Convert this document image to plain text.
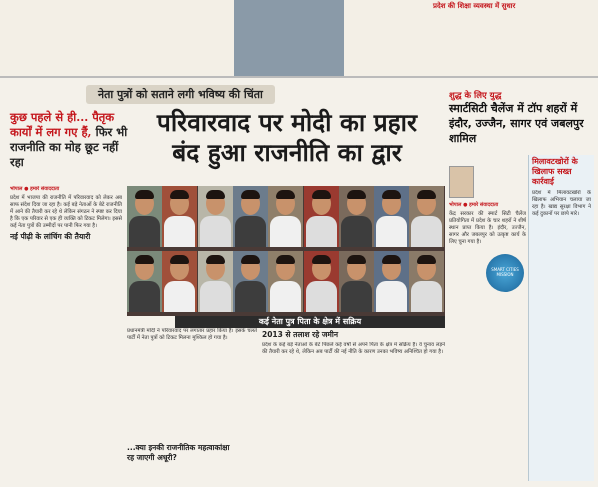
प्रदेश की शिक्षा व्यवस्था में सुधार
नेता पुत्रों को सताने लगी भविष्य की चिंता
परिवारवाद पर मोदी का प्रहार
बंद हुआ राजनीति का द्वार
कुछ पहले से ही... पैतृक कार्यों में लग गए हैं, फिर भी राजनीति का मोह छूट नहीं रहा
भोपाल ● हमारे संवाददाता
प्रदेश में भाजपा की राजनीति में परिवारवाद को लेकर अब साफ संदेश दिया जा रहा है। कई बड़े नेताओं के बेटे राजनीति में आने की तैयारी कर रहे थे लेकिन संगठन ने स्पष्ट कर दिया है कि एक परिवार से एक ही व्यक्ति को टिकट मिलेगा। इससे कई नेता पुत्रों की उम्मीदों पर पानी फिर गया है।
नई पीढ़ी के लांचिंग की तैयारी
कई नेता पुत्र पिता के क्षेत्र में सक्रिय
प्रधानमंत्री मोदी ने परिवारवाद पर लगातार प्रहार किया है। इसके चलते पार्टी में नेता पुत्रों को टिकट मिलना मुश्किल हो गया है।	2013 से तलाश रहे जमीन
प्रदेश के कई बड़े नेताओं के बेटे पिछले कई वर्षों से अपने पिता के क्षेत्र में सक्रिय हैं। वे चुनाव लड़ने की तैयारी कर रहे थे, लेकिन अब पार्टी की नई नीति के कारण उनका भविष्य अनिश्चित हो गया है।
...क्या इनकी राजनीतिक महत्वाकांक्षा रह जाएगी अधूरी?
शुद्ध के लिए युद्ध
स्मार्टसिटी चैलेंज में टॉप शहरों में इंदौर, उज्जैन, सागर एवं जबलपुर शामिल
भोपाल ● हमारे संवाददाता
केंद्र सरकार की स्मार्ट सिटी चैलेंज प्रतियोगिता में प्रदेश के चार शहरों ने शीर्ष स्थान प्राप्त किया है। इंदौर, उज्जैन, सागर और जबलपुर को उत्कृष्ट कार्य के लिए चुना गया है।
SMART CITIES MISSION
मिलावटखोरों के खिलाफ सख्त कार्रवाई
प्रदेश में मिलावटखोरों के खिलाफ अभियान चलाया जा रहा है। खाद्य सुरक्षा विभाग ने कई दुकानों पर छापे मारे।
